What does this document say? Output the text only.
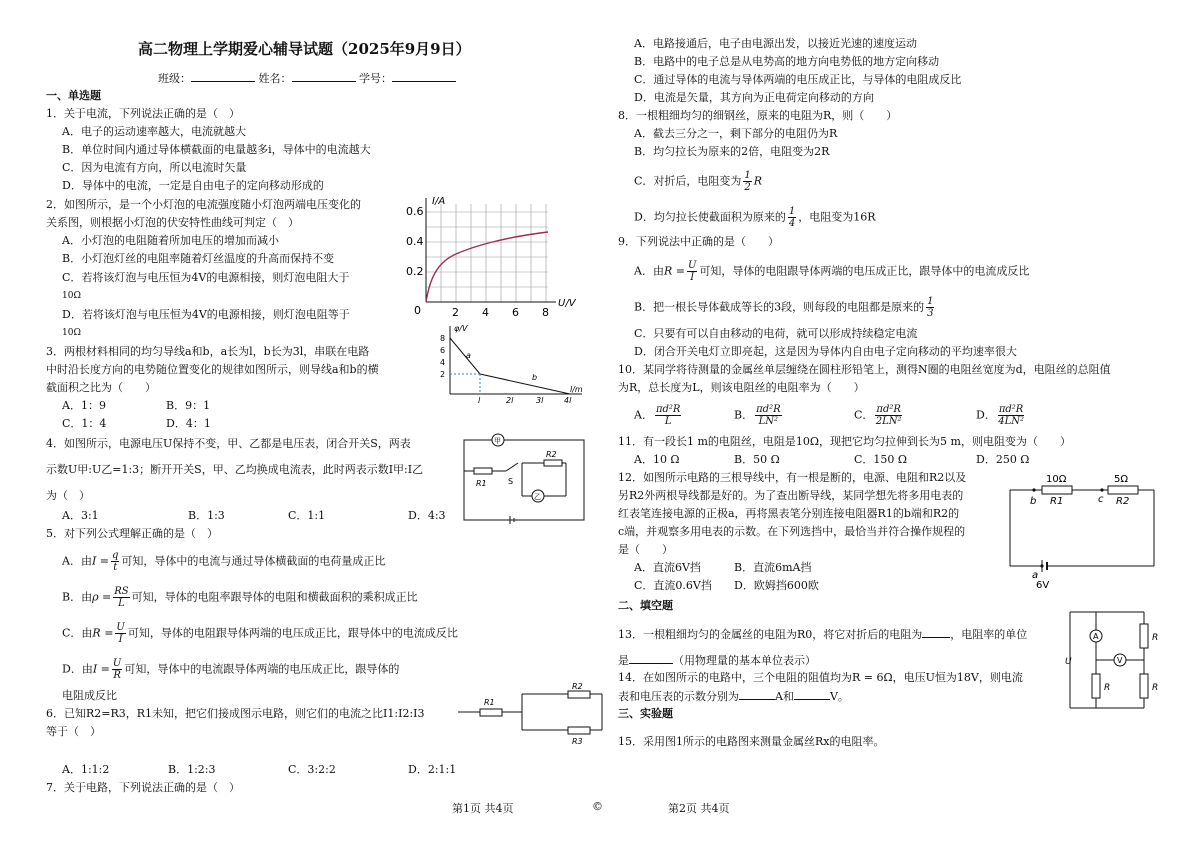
高二物理上学期爱心辅导试题（2025年9月9日）
班级：	姓名：	学号：
一、单选题
1．关于电流，下列说法正确的是（　）
A．电子的运动速率越大，电流就越大
B．单位时间内通过导体横截面的电量越多i，导体中的电流越大
C．因为电流有方向，所以电流时矢量
D．导体中的电流，一定是自由电子的定向移动形成的
2．如图所示，是一个小灯泡的电流强度随小灯泡两端电压变化的
关系图，则根据小灯泡的伏安特性曲线可判定（　）
A．小灯泡的电阻随着所加电压的增加而减小
B．小灯泡灯丝的电阻率随着灯丝温度的升高而保持不变
C．若将该灯泡与电压恒为4V的电源相接，则灯泡电阻大于
10Ω
D．若将该灯泡与电压恒为4V的电源相接，则灯泡电阻等于
10Ω
I/A
U/V
0.6
0.4
0.2
0	2 4 6 8
3．两根材料相同的均匀导线a和b，a长为l，b长为3l，串联在电路
中时沿长度方向的电势随位置变化的规律如图所示，则导线a和b的横
截面积之比为（　　）
A．1：9	B．9：1
C．1：4	D．4：1
φ/V
l/m
8
6
4
2
a
b
l	2l	3l	4l
4．如图所示，电源电压U保持不变，甲、乙都是电压表，闭合开关S，两表
示数U甲:U乙=1:3；断开开关S，甲、乙均换成电流表，此时两表示数I甲:I乙
为（　）
A．3:1	B．1:3	C．1:1	D．4:3
甲
乙
R1
R2
S
5．对下列公式理解正确的是（　）
A．由$I = \frac{q}{t}$ 可知，导体中的电流与通过导体横截面的电荷量成正比
B．由$\rho = \frac{RS}{L}$ 可知，导体的电阻率跟导体的电阻和横截面积的乘积成正比
C．由$R = \frac{U}{I}$ 可知，导体的电阻跟导体两端的电压成正比，跟导体中的电流成反比
D．由$I = \frac{U}{R}$ 可知，导体中的电流跟导体两端的电压成正比，跟导体的
电阻成反比
6．已知R2=R3，R1未知，把它们接成图示电路，则它们的电流之比I1:I2:I3
等于（　）
A．1:1:2	B．1:2:3	C．3:2:2	D．2:1:1
7．关于电路，下列说法正确的是（　）
R1
R2
R3
A．电路接通后，电子由电源出发，以接近光速的速度运动
B．电路中的电子总是从电势高的地方向电势低的地方定向移动
C．通过导体的电流与导体两端的电压成正比，与导体的电阻成反比
D．电流是矢量，其方向为正电荷定向移动的方向
8．一根粗细均匀的细钢丝，原来的电阻为R，则（　　）
A．截去三分之一，剩下部分的电阻仍为R
B．均匀拉长为原来的2倍，电阻变为2R
C．对折后，电阻变为 $\frac{1}{2}$ R
D．均匀拉长使截面积为原来的 $\frac{1}{4}$ ，电阻变为16R
9．下列说法中正确的是（　　）
A．由$R = \frac{U}{I}$ 可知，导体的电阻跟导体两端的电压成正比，跟导体中的电流成反比
B．把一根长导体截成等长的3段，则每段的电阻都是原来的 $\frac{1}{3}$
C．只要有可以自由移动的电荷，就可以形成持续稳定电流
D．闭合开关电灯立即亮起，这是因为导体内自由电子定向移动的平均速率很大
10．某同学将待测量的金属丝单层缠绕在圆柱形铅笔上，测得N圈的电阻丝宽度为d，电阻丝的总阻值
为R，总长度为L，则该电阻丝的电阻率为（　　）
A． $\frac{\text{πd²R}}{L}$	B． $\frac{\text{πd²R}}{\text{LN²}}$	C． $\frac{\text{πd²R}}{\text{2LN²}}$	D． $\frac{\text{πd²R}}{\text{4LN²}}$
11．有一段长1 m的电阻丝，电阻是10Ω，现把它均匀拉伸到长为5 m，则电阻变为（　　）
A．10 Ω	B．50 Ω	C．150 Ω	D．250 Ω
12．如图所示电路的三根导线中，有一根是断的，电源、电阻和R2以及
另R2外两根导线都是好的。为了查出断导线，某同学想先将多用电表的
红表笔连接电源的正极a，再将黑表笔分别连接电阻器R1的b端和R2的
c端，并观察多用电表的示数。在下列选挡中，最恰当并符合操作规程的
是（　　）
A．直流6V挡	B．直流6mA挡
C．直流0.6V挡 D．欧姆挡600欧
10Ω	5Ω
b	c
R1	R2
a
6V
二、填空题
13．一根粗细均匀的金属丝的电阻为R0，将它对折后的电阻为	，电阻率的单位
是	（用物理量的基本单位表示）
14．在如图所示的电路中，三个电阻的阻值均为R = 6Ω，电压U恒为18V，则电流
表和电压表的示数分别为	A和	V。
A
V
R
R
R
U
三、实验题
15．采用图1所示的电路图来测量金属丝Rx的电阻率。
第1页 共4页	©	第2页 共4页
